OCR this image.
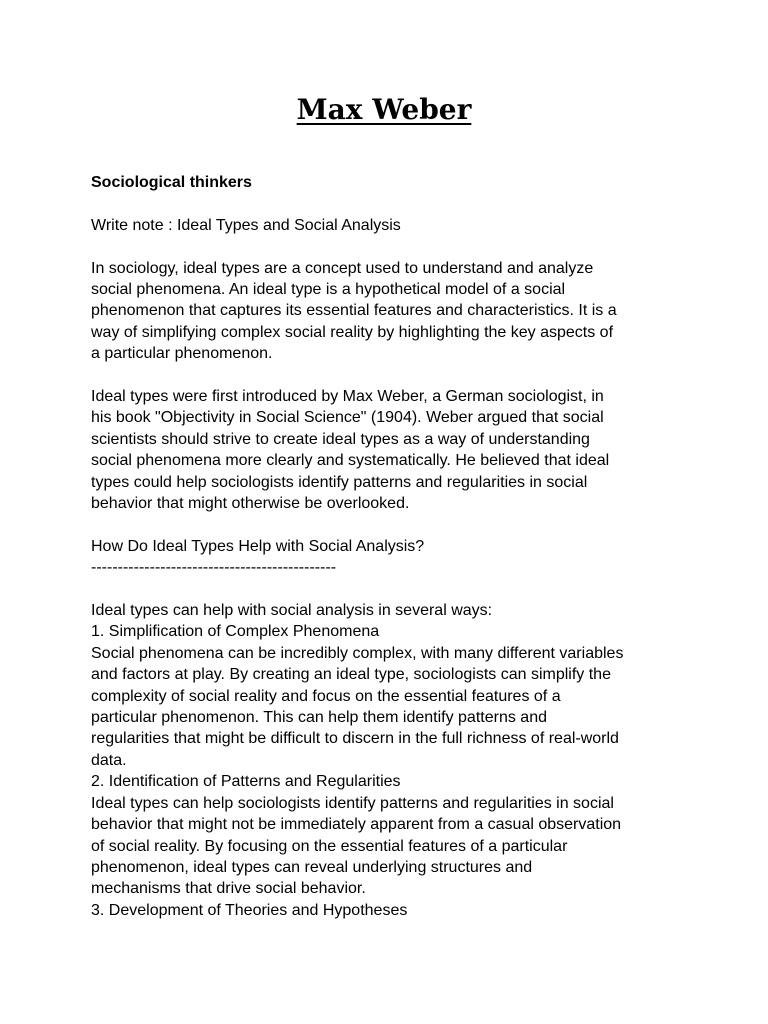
Max Weber

Sociological thinkers

Write note : Ideal Types and Social Analysis

In sociology, ideal types are a concept used to understand and analyze
social phenomena. An ideal type is a hypothetical model of a social
phenomenon that captures its essential features and characteristics. It is a
way of simplifying complex social reality by highlighting the key aspects of
a particular phenomenon.

Ideal types were first introduced by Max Weber, a German sociologist, in
his book "Objectivity in Social Science" (1904). Weber argued that social
scientists should strive to create ideal types as a way of understanding
social phenomena more clearly and systematically. He believed that ideal
types could help sociologists identify patterns and regularities in social
behavior that might otherwise be overlooked.

How Do Ideal Types Help with Social Analysis?

----------------------------------------------

Ideal types can help with social analysis in several ways:

1. Simplification of Complex Phenomena

Social phenomena can be incredibly complex, with many different variables
and factors at play. By creating an ideal type, sociologists can simplify the
complexity of social reality and focus on the essential features of a
particular phenomenon. This can help them identify patterns and
regularities that might be difficult to discern in the full richness of real-world
data.

2. Identification of Patterns and Regularities

Ideal types can help sociologists identify patterns and regularities in social
behavior that might not be immediately apparent from a casual observation
of social reality. By focusing on the essential features of a particular
phenomenon, ideal types can reveal underlying structures and
mechanisms that drive social behavior.

3. Development of Theories and Hypotheses
